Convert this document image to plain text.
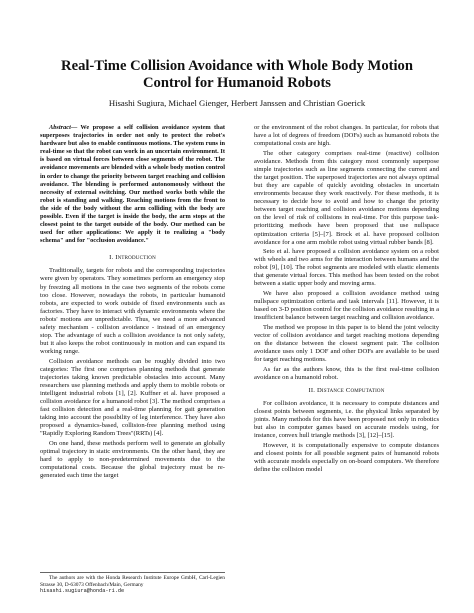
Real-Time Collision Avoidance with Whole Body Motion Control for Humanoid Robots
Hisashi Sugiura, Michael Gienger, Herbert Janssen and Christian Goerick

Abstract— We propose a self collision avoidance system that superposes trajectories in order not only to protect the robot's hardware but also to enable continuous motions. The system runs in real-time so that the robot can work in an uncertain environment. It is based on virtual forces between close segments of the robot. The avoidance movements are blended with a whole body motion control in order to change the priority between target reaching and collision avoidance. The blending is performed autonomously without the necessity of external switching. Our method works both while the robot is standing and walking. Reaching motions from the front to the side of the body without the arm colliding with the body are possible. Even if the target is inside the body, the arm stops at the closest point to the target outside of the body. Our method can be used for other applications: We apply it to realizing a "body schema" and for "occlusion avoidance."

I. Introduction

Traditionally, targets for robots and the corresponding trajectories were given by operators. They sometimes perform an emergency stop by freezing all motions in the case two segments of the robots come too close. However, nowadays the robots, in particular humanoid robots, are expected to work outside of fixed environments such as factories. They have to interact with dynamic environments where the robots' motions are unpredictable. Thus, we need a more advanced safety mechanism - collision avoidance - instead of an emergency stop. The advantage of such a collision avoidance is not only safety, but it also keeps the robot continuously in motion and can expand its working range.

Collision avoidance methods can be roughly divided into two categories: The first one comprises planning methods that generate trajectories taking known predictable obstacles into account. Many researchers use planning methods and apply them to mobile robots or intelligent industrial robots [1], [2]. Kuffner et al. have proposed a collision avoidance for a humanoid robot [3]. The method comprises a fast collision detection and a real-time planning for gait generation taking into account the possibility of leg interference. They have also proposed a dynamics-based, collision-free planning method using "Rapidly Exploring Random Trees"(RRTs) [4].

On one hand, these methods perform well to generate an globally optimal trajectory in static environments. On the other hand, they are hard to apply to non-predetermined movements due to the computational costs. Because the global trajectory must be re-generated each time the target

or the environment of the robot changes. In particular, for robots that have a lot of degrees of freedom (DOFs) such as humanoid robots the computational costs are high.

The other category comprises real-time (reactive) collision avoidance. Methods from this category most commonly superpose simple trajectories such as line segments connecting the current and the target position. The superposed trajectories are not always optimal but they are capable of quickly avoiding obstacles in uncertain environments because they work reactively. For these methods, it is necessary to decide how to avoid and how to change the priority between target reaching and collision avoidance motions depending on the level of risk of collisions in real-time. For this purpose task-prioritizing methods have been proposed that use nullspace optimization criteria [5]–[7]. Brock et al. have proposed collision avoidance for a one arm mobile robot using virtual rubber bands [8].

Seto et al. have proposed a collision avoidance system on a robot with wheels and two arms for the interaction between humans and the robot [9], [10]. The robot segments are modeled with elastic elements that generate virtual forces. This method has been tested on the robot between a static upper body and moving arms.

We have also proposed a collision avoidance method using nullspace optimization criteria and task intervals [11]. However, it is based on 3-D position control for the collision avoidance resulting in a insufficient balance between target reaching and collision avoidance.

The method we propose in this paper is to blend the joint velocity vector of collision avoidance and target reaching motions depending on the distance between the closest segment pair. The collision avoidance uses only 1 DOF and other DOFs are available to be used for target reaching motions.

As far as the authors know, this is the first real-time collision avoidance on a humanoid robot.

II. Distance Computation

For collision avoidance, it is necessary to compute distances and closest points between segments, i.e. the physical links separated by joints. Many methods for this have been proposed not only in robotics but also in computer games based on accurate models using, for instance, convex hull triangle methods [3], [12]–[15].

However, it is computationally expensive to compute distances and closest points for all possible segment pairs of humanoid robots with accurate models especially on on-board computers. We therefore define the collision model

The authors are with the Honda Research Institute Europe GmbH, Carl-Legien Strasse 30, D-63073 Offenbach/Main, Germany
hisashi.sugiura@honda-ri.de
